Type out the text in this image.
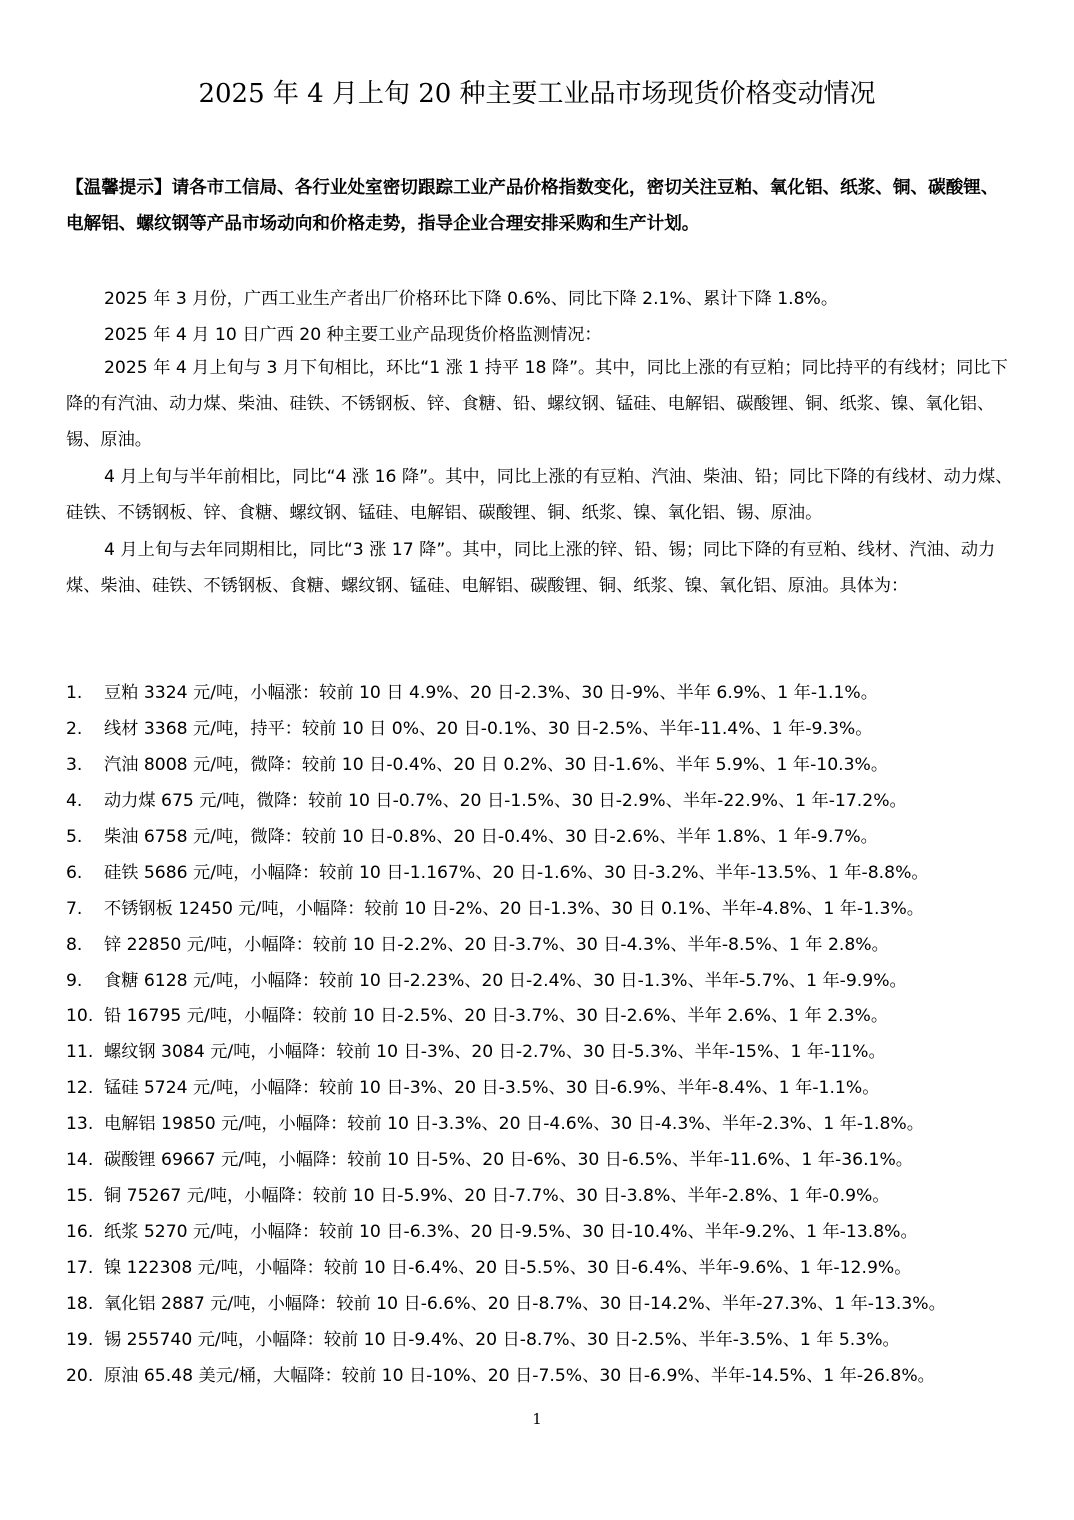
2025 年 4 月上旬 20 种主要工业品市场现货价格变动情况

【温馨提示】请各市工信局、各行业处室密切跟踪工业产品价格指数变化，密切关注豆粕、氧化铝、纸浆、铜、碳酸锂、电解铝、螺纹钢等产品市场动向和价格走势，指导企业合理安排采购和生产计划。

2025 年 3 月份，广西工业生产者出厂价格环比下降 0.6%、同比下降 2.1%、累计下降 1.8%。

2025 年 4 月 10 日广西 20 种主要工业产品现货价格监测情况：

2025 年 4 月上旬与 3 月下旬相比，环比“1 涨 1 持平 18 降”。其中，同比上涨的有豆粕；同比持平的有线材；同比下降的有汽油、动力煤、柴油、硅铁、不锈钢板、锌、食糖、铅、螺纹钢、锰硅、电解铝、碳酸锂、铜、纸浆、镍、氧化铝、锡、原油。

4 月上旬与半年前相比，同比“4 涨 16 降”。其中，同比上涨的有豆粕、汽油、柴油、铅；同比下降的有线材、动力煤、硅铁、不锈钢板、锌、食糖、螺纹钢、锰硅、电解铝、碳酸锂、铜、纸浆、镍、氧化铝、锡、原油。

4 月上旬与去年同期相比，同比“3 涨 17 降”。其中，同比上涨的锌、铅、锡；同比下降的有豆粕、线材、汽油、动力煤、柴油、硅铁、不锈钢板、食糖、螺纹钢、锰硅、电解铝、碳酸锂、铜、纸浆、镍、氧化铝、原油。具体为：

1.	豆粕 3324 元/吨，小幅涨：较前 10 日 4.9%、20 日-2.3%、30 日-9%、半年 6.9%、1 年-1.1%。
2.	线材 3368 元/吨，持平：较前 10 日 0%、20 日-0.1%、30 日-2.5%、半年-11.4%、1 年-9.3%。
3.	汽油 8008 元/吨，微降：较前 10 日-0.4%、20 日 0.2%、30 日-1.6%、半年 5.9%、1 年-10.3%。
4.	动力煤 675 元/吨，微降：较前 10 日-0.7%、20 日-1.5%、30 日-2.9%、半年-22.9%、1 年-17.2%。
5.	柴油 6758 元/吨，微降：较前 10 日-0.8%、20 日-0.4%、30 日-2.6%、半年 1.8%、1 年-9.7%。
6.	硅铁 5686 元/吨，小幅降：较前 10 日-1.167%、20 日-1.6%、30 日-3.2%、半年-13.5%、1 年-8.8%。
7.	不锈钢板 12450 元/吨，小幅降：较前 10 日-2%、20 日-1.3%、30 日 0.1%、半年-4.8%、1 年-1.3%。
8.	锌 22850 元/吨，小幅降：较前 10 日-2.2%、20 日-3.7%、30 日-4.3%、半年-8.5%、1 年 2.8%。
9.	食糖 6128 元/吨，小幅降：较前 10 日-2.23%、20 日-2.4%、30 日-1.3%、半年-5.7%、1 年-9.9%。
10. 铅 16795 元/吨，小幅降：较前 10 日-2.5%、20 日-3.7%、30 日-2.6%、半年 2.6%、1 年 2.3%。
11. 螺纹钢 3084 元/吨，小幅降：较前 10 日-3%、20 日-2.7%、30 日-5.3%、半年-15%、1 年-11%。
12. 锰硅 5724 元/吨，小幅降：较前 10 日-3%、20 日-3.5%、30 日-6.9%、半年-8.4%、1 年-1.1%。
13. 电解铝 19850 元/吨，小幅降：较前 10 日-3.3%、20 日-4.6%、30 日-4.3%、半年-2.3%、1 年-1.8%。
14. 碳酸锂 69667 元/吨，小幅降：较前 10 日-5%、20 日-6%、30 日-6.5%、半年-11.6%、1 年-36.1%。
15. 铜 75267 元/吨，小幅降：较前 10 日-5.9%、20 日-7.7%、30 日-3.8%、半年-2.8%、1 年-0.9%。
16. 纸浆 5270 元/吨，小幅降：较前 10 日-6.3%、20 日-9.5%、30 日-10.4%、半年-9.2%、1 年-13.8%。
17. 镍 122308 元/吨，小幅降：较前 10 日-6.4%、20 日-5.5%、30 日-6.4%、半年-9.6%、1 年-12.9%。
18. 氧化铝 2887 元/吨，小幅降：较前 10 日-6.6%、20 日-8.7%、30 日-14.2%、半年-27.3%、1 年-13.3%。
19. 锡 255740 元/吨，小幅降：较前 10 日-9.4%、20 日-8.7%、30 日-2.5%、半年-3.5%、1 年 5.3%。
20. 原油 65.48 美元/桶，大幅降：较前 10 日-10%、20 日-7.5%、30 日-6.9%、半年-14.5%、1 年-26.8%。
1
